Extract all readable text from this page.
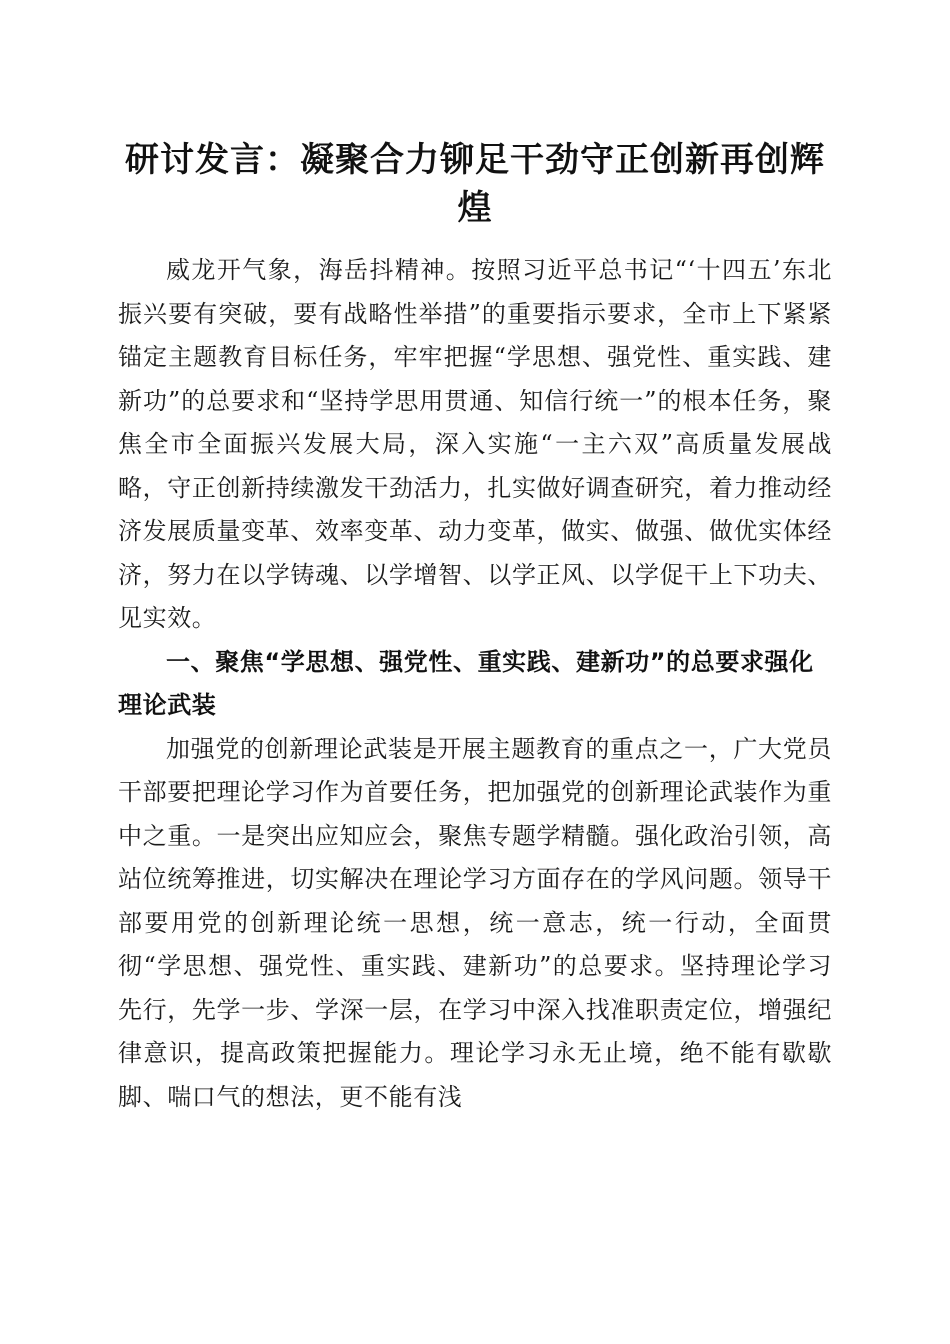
研讨发言：凝聚合力铆足干劲守正创新再创辉煌

威龙开气象，海岳抖精神。按照习近平总书记“‘十四五’东北振兴要有突破，要有战略性举措”的重要指示要求，全市上下紧紧锚定主题教育目标任务，牢牢把握“学思想、强党性、重实践、建新功”的总要求和“坚持学思用贯通、知信行统一”的根本任务，聚焦全市全面振兴发展大局，深入实施“一主六双”高质量发展战略，守正创新持续激发干劲活力，扎实做好调查研究，着力推动经济发展质量变革、效率变革、动力变革，做实、做强、做优实体经济，努力在以学铸魂、以学增智、以学正风、以学促干上下功夫、见实效。

一、聚焦“学思想、强党性、重实践、建新功”的总要求强化理论武装

加强党的创新理论武装是开展主题教育的重点之一，广大党员干部要把理论学习作为首要任务，把加强党的创新理论武装作为重中之重。一是突出应知应会，聚焦专题学精髓。强化政治引领，高站位统筹推进，切实解决在理论学习方面存在的学风问题。领导干部要用党的创新理论统一思想，统一意志，统一行动，全面贯彻“学思想、强党性、重实践、建新功”的总要求。坚持理论学习先行，先学一步、学深一层，在学习中深入找准职责定位，增强纪律意识，提高政策把握能力。理论学习永无止境，绝不能有歇歇脚、喘口气的想法，更不能有浅
